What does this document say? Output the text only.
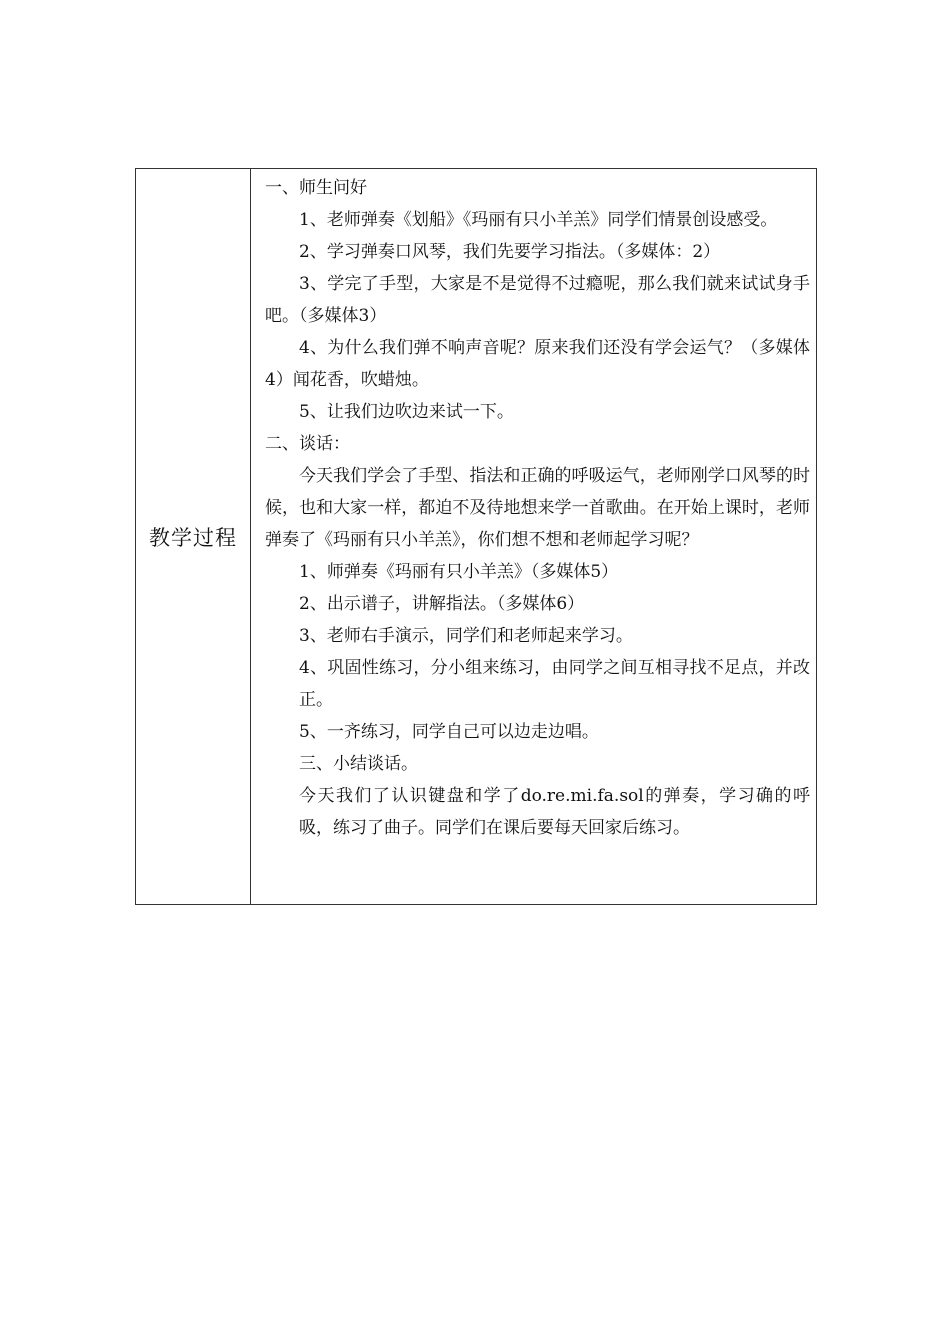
教学过程	

一、师生问好

1、老师弹奏《划船》《玛丽有只小羊羔》同学们情景创设感受。

2、学习弹奏口风琴，我们先要学习指法。（多媒体：2）

3、学完了手型，大家是不是觉得不过瘾呢，那么我们就来试试身手吧。（多媒体3）

4、为什么我们弹不响声音呢？原来我们还没有学会运气？（多媒体4）闻花香，吹蜡烛。

5、让我们边吹边来试一下。

二、谈话：

今天我们学会了手型、指法和正确的呼吸运气，老师刚学口风琴的时候，也和大家一样，都迫不及待地想来学一首歌曲。在开始上课时，老师弹奏了《玛丽有只小羊羔》，你们想不想和老师起学习呢？

1、师弹奏《玛丽有只小羊羔》（多媒体5）

2、出示谱子，讲解指法。（多媒体6）

3、老师右手演示，同学们和老师起来学习。

4、巩固性练习，分小组来练习，由同学之间互相寻找不足点，并改正。

5、一齐练习，同学自己可以边走边唱。

三、小结谈话。

今天我们了认识键盘和学了do.re.mi.fa.sol的弹奏，学习确的呼吸，练习了曲子。同学们在课后要每天回家后练习。
